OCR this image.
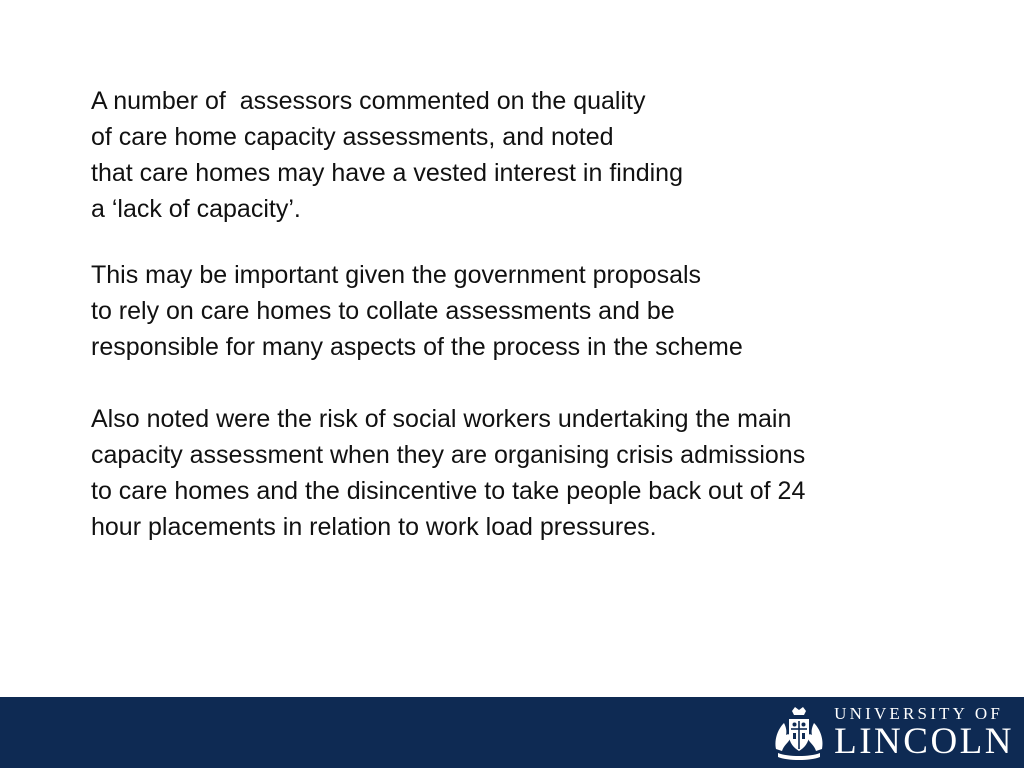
A number of  assessors commented on the quality
of care home capacity assessments, and noted
that care homes may have a vested interest in finding
a ‘lack of capacity’.

This may be important given the government proposals
to rely on care homes to collate assessments and be
responsible for many aspects of the process in the scheme

Also noted were the risk of social workers undertaking the main
capacity assessment when they are organising crisis admissions
to care homes and the disincentive to take people back out of 24
hour placements in relation to work load pressures.

UNIVERSITY OF
LINCOLN
